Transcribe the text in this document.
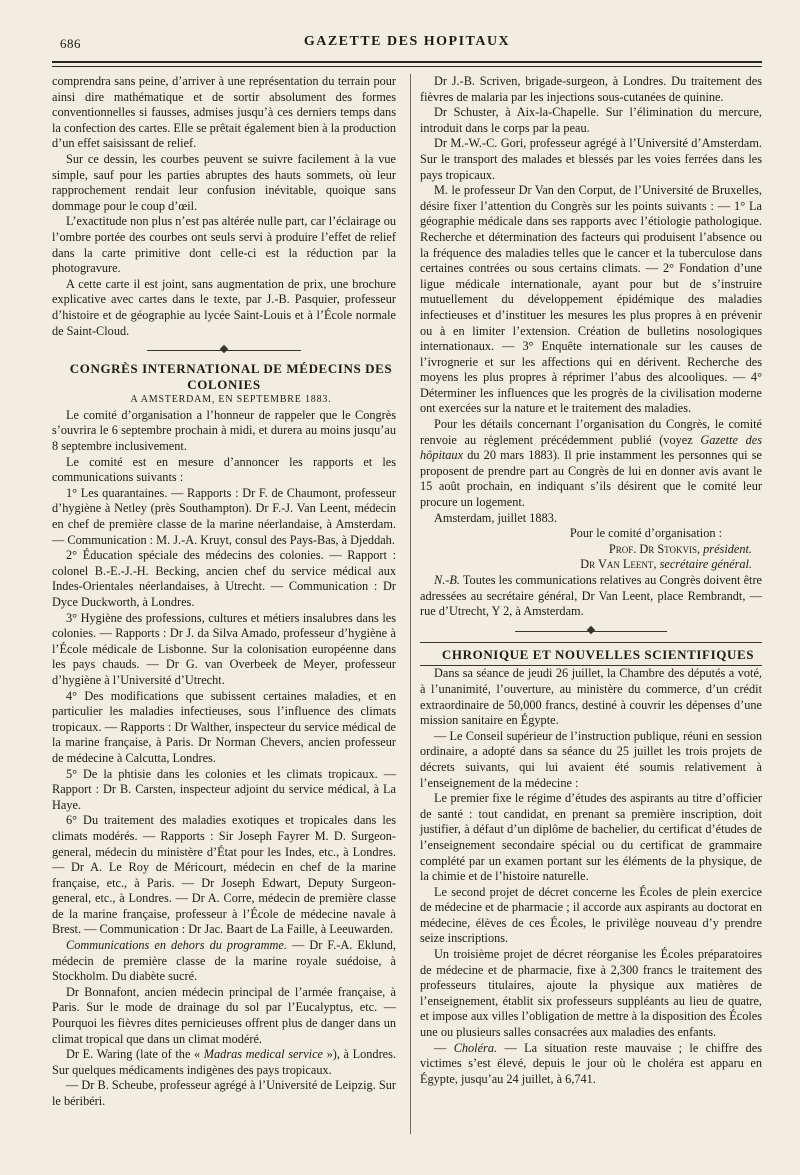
686	GAZETTE DES HOPITAUX

comprendra sans peine, d’arriver à une représentation du terrain pour ainsi dire mathématique et de sortir absolument des formes conventionnelles si fausses, admises jusqu’à ces derniers temps dans la confection des cartes. Elle se prêtait également bien à la production d’un effet saisissant de relief.

Sur ce dessin, les courbes peuvent se suivre facilement à la vue simple, sauf pour les parties abruptes des hauts sommets, où leur rapprochement rendait leur confusion inévitable, quoique sans dommage pour le coup d’œil.

L’exactitude non plus n’est pas altérée nulle part, car l’éclairage ou l’ombre portée des courbes ont seuls servi à produire l’effet de relief dans la carte primitive dont celle-ci est la réduction par la photogravure.

A cette carte il est joint, sans augmentation de prix, une brochure explicative avec cartes dans le texte, par J.-B. Pasquier, professeur d’histoire et de géographie au lycée Saint-Louis et à l’École normale de Saint-Cloud.

CONGRÈS INTERNATIONAL DE MÉDECINS DES COLONIES

A AMSTERDAM, EN SEPTEMBRE 1883.

Le comité d’organisation a l’honneur de rappeler que le Congrès s’ouvrira le 6 septembre prochain à midi, et durera au moins jusqu’au 8 septembre inclusivement.

Le comité est en mesure d’annoncer les rapports et les communications suivants :

1° Les quarantaines. — Rapports : Dr F. de Chaumont, professeur d’hygiène à Netley (près Southampton). Dr F.-J. Van Leent, médecin en chef de première classe de la marine néerlandaise, à Amsterdam. — Communication : M. J.-A. Kruyt, consul des Pays-Bas, à Djeddah.

2° Éducation spéciale des médecins des colonies. — Rapport : colonel B.-E.-J.-H. Becking, ancien chef du service médical aux Indes-Orientales néerlandaises, à Utrecht. — Communication : Dr Dyce Duckworth, à Londres.

3° Hygiène des professions, cultures et métiers insalubres dans les colonies. — Rapports : Dr J. da Silva Amado, professeur d’hygiène à l’École médicale de Lisbonne. Sur la colonisation européenne dans les pays chauds. — Dr G. van Overbeek de Meyer, professeur d’hygiène à l’Université d’Utrecht.

4° Des modifications que subissent certaines maladies, et en particulier les maladies infectieuses, sous l’influence des climats tropicaux. — Rapports : Dr Walther, inspecteur du service médical de la marine française, à Paris. Dr Norman Chevers, ancien professeur de médecine à Calcutta, Londres.

5° De la phtisie dans les colonies et les climats tropicaux. — Rapport : Dr B. Carsten, inspecteur adjoint du service médical, à La Haye.

6° Du traitement des maladies exotiques et tropicales dans les climats modérés. — Rapports : Sir Joseph Fayrer M. D. Surgeon-general, médecin du ministère d’État pour les Indes, etc., à Londres. — Dr A. Le Roy de Méricourt, médecin en chef de la marine française, etc., à Paris. — Dr Joseph Edwart, Deputy Surgeon-general, etc., à Londres. — Dr A. Corre, médecin de première classe de la marine française, professeur à l’École de médecine navale à Brest. — Communication : Dr Jac. Baart de La Faille, à Leeuwarden.

Communications en dehors du programme. — Dr F.-A. Eklund, médecin de première classe de la marine royale suédoise, à Stockholm. Du diabète sucré.

Dr Bonnafont, ancien médecin principal de l’armée française, à Paris. Sur le mode de drainage du sol par l’Eucalyptus, etc. — Pourquoi les fièvres dites pernicieuses offrent plus de danger dans un climat tropical que dans un climat modéré.

Dr E. Waring (late of the « Madras medical service »), à Londres. Sur quelques médicaments indigènes des pays tropicaux.

— Dr B. Scheube, professeur agrégé à l’Université de Leipzig. Sur le béribéri.

Dr J.-B. Scriven, brigade-surgeon, à Londres. Du traitement des fièvres de malaria par les injections sous-cutanées de quinine.

Dr Schuster, à Aix-la-Chapelle. Sur l’élimination du mercure, introduit dans le corps par la peau.

Dr M.-W.-C. Gori, professeur agrégé à l’Université d’Amsterdam. Sur le transport des malades et blessés par les voies ferrées dans les pays tropicaux.

M. le professeur Dr Van den Corput, de l’Université de Bruxelles, désire fixer l’attention du Congrès sur les points suivants : — 1° La géographie médicale dans ses rapports avec l’étiologie pathologique. Recherche et détermination des facteurs qui produisent l’absence ou la fréquence des maladies telles que le cancer et la tuberculose dans certaines contrées ou sous certains climats. — 2° Fondation d’une ligue médicale internationale, ayant pour but de s’instruire mutuellement du développement épidémique des maladies infectieuses et d’instituer les mesures les plus propres à en prévenir ou à en limiter l’extension. Création de bulletins nosologiques internationaux. — 3° Enquête internationale sur les causes de l’ivrognerie et sur les affections qui en dérivent. Recherche des moyens les plus propres à réprimer l’abus des alcooliques. — 4° Déterminer les influences que les progrès de la civilisation moderne ont exercées sur la nature et le traitement des maladies.

Pour les détails concernant l’organisation du Congrès, le comité renvoie au règlement précédemment publié (voyez Gazette des hôpitaux du 20 mars 1883). Il prie instamment les personnes qui se proposent de prendre part au Congrès de lui en donner avis avant le 15 août prochain, en indiquant s’ils désirent que le comité leur procure un logement.

Amsterdam, juillet 1883.

Pour le comité d’organisation :

Prof. Dr Stokvis, président.

Dr Van Leent, secrétaire général.

N.-B. Toutes les communications relatives au Congrès doivent être adressées au secrétaire général, Dr Van Leent, place Rembrandt, — rue d’Utrecht, Y 2, à Amsterdam.

CHRONIQUE ET NOUVELLES SCIENTIFIQUES

Dans sa séance de jeudi 26 juillet, la Chambre des députés a voté, à l’unanimité, l’ouverture, au ministère du commerce, d’un crédit extraordinaire de 50,000 francs, destiné à couvrir les dépenses d’une mission sanitaire en Égypte.

— Le Conseil supérieur de l’instruction publique, réuni en session ordinaire, a adopté dans sa séance du 25 juillet les trois projets de décrets suivants, qui lui avaient été soumis relativement à l’enseignement de la médecine :

Le premier fixe le régime d’études des aspirants au titre d’officier de santé : tout candidat, en prenant sa première inscription, doit justifier, à défaut d’un diplôme de bachelier, du certificat d’études de l’enseignement secondaire spécial ou du certificat de grammaire complété par un examen portant sur les éléments de la physique, de la chimie et de l’histoire naturelle.

Le second projet de décret concerne les Écoles de plein exercice de médecine et de pharmacie ; il accorde aux aspirants au doctorat en médecine, élèves de ces Écoles, le privilège nouveau d’y prendre seize inscriptions.

Un troisième projet de décret réorganise les Écoles préparatoires de médecine et de pharmacie, fixe à 2,300 francs le traitement des professeurs titulaires, ajoute la physique aux matières de l’enseignement, établit six professeurs suppléants au lieu de quatre, et impose aux villes l’obligation de mettre à la disposition des Écoles une ou plusieurs salles consacrées aux maladies des enfants.

— Choléra. — La situation reste mauvaise ; le chiffre des victimes s’est élevé, depuis le jour où le choléra est apparu en Égypte, jusqu’au 24 juillet, à 6,741.
